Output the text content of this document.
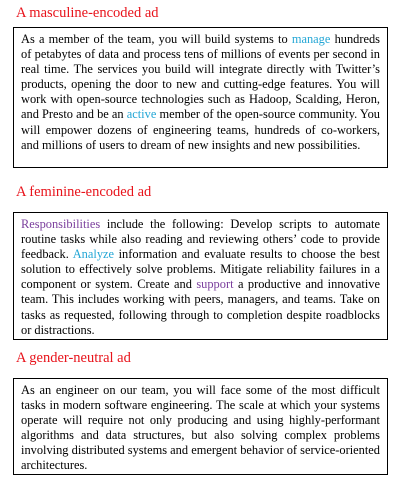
A masculine-encoded ad

As a member of the team, you will build systems to manage hundreds of petabytes of data and process tens of millions of events per second in real time. The services you build will integrate directly with Twitter’s products, opening the door to new and cutting-edge features. You will work with open-source technologies such as Hadoop, Scalding, Heron, and Presto and be an active member of the open-source community. You will empower dozens of engineering teams, hundreds of co-workers, and millions of users to dream of new insights and new possibilities.

A feminine-encoded ad

Responsibilities include the following: Develop scripts to automate routine tasks while also reading and reviewing others’ code to provide feedback. Analyze information and evaluate results to choose the best solution to effectively solve problems. Mitigate reliability failures in a component or system. Create and support a productive and innovative team. This includes working with peers, managers, and teams. Take on tasks as requested, following through to completion despite roadblocks or distractions.

A gender-neutral ad

As an engineer on our team, you will face some of the most difficult tasks in modern software engineering. The scale at which your systems operate will require not only producing and using highly-performant algorithms and data structures, but also solving complex problems involving distributed systems and emergent behavior of service-oriented architectures.
